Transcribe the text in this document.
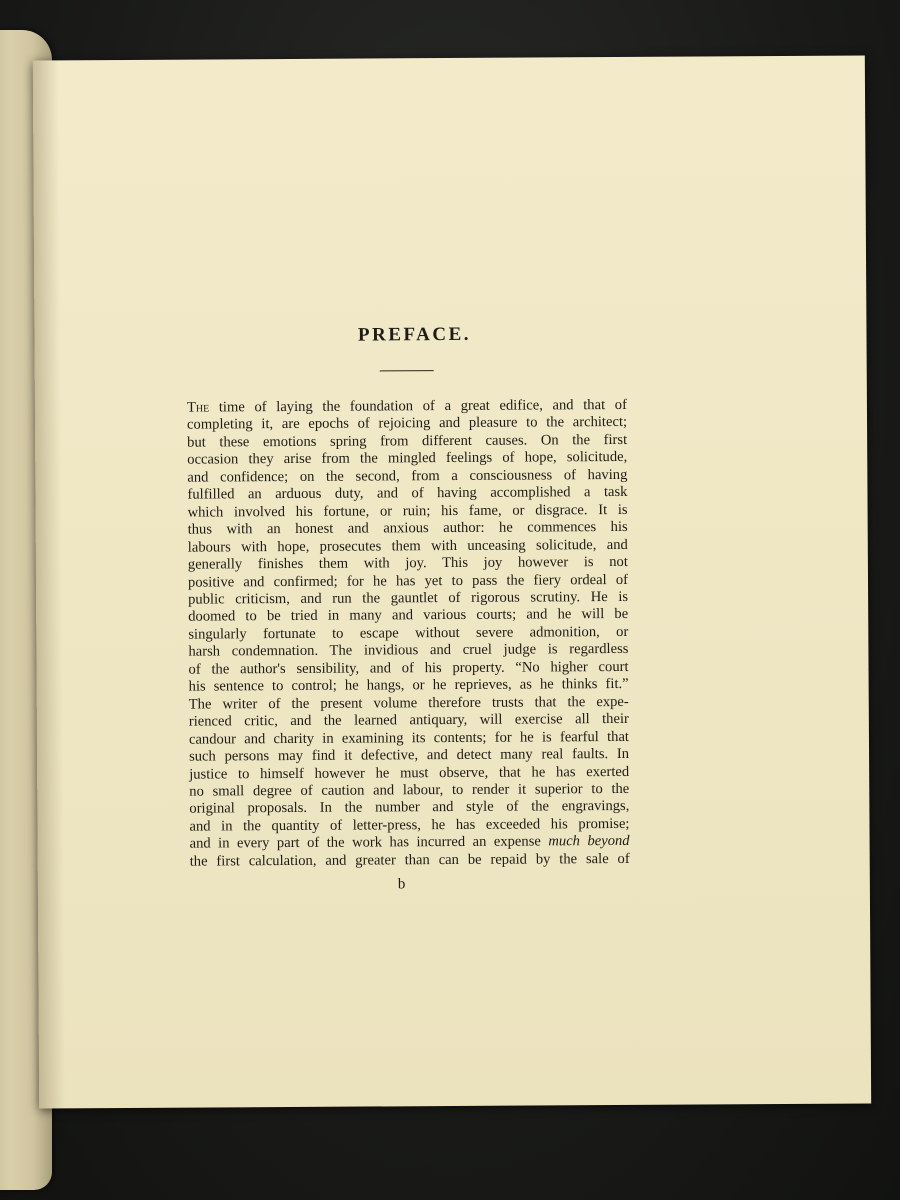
PREFACE.
The time of laying the foundation of a great edifice, and that of
completing it, are epochs of rejoicing and pleasure to the architect;
but these emotions spring from different causes. On the first
occasion they arise from the mingled feelings of hope, solicitude,
and confidence; on the second, from a consciousness of having
fulfilled an arduous duty, and of having accomplished a task
which involved his fortune, or ruin; his fame, or disgrace. It is
thus with an honest and anxious author: he commences his
labours with hope, prosecutes them with unceasing solicitude, and
generally finishes them with joy. This joy however is not
positive and confirmed; for he has yet to pass the fiery ordeal of
public criticism, and run the gauntlet of rigorous scrutiny. He is
doomed to be tried in many and various courts; and he will be
singularly fortunate to escape without severe admonition, or
harsh condemnation. The invidious and cruel judge is regardless
of the author's sensibility, and of his property. “No higher court
his sentence to control; he hangs, or he reprieves, as he thinks fit.”
The writer of the present volume therefore trusts that the expe-
rienced critic, and the learned antiquary, will exercise all their
candour and charity in examining its contents; for he is fearful that
such persons may find it defective, and detect many real faults. In
justice to himself however he must observe, that he has exerted
no small degree of caution and labour, to render it superior to the
original proposals. In the number and style of the engravings,
and in the quantity of letter-press, he has exceeded his promise;
and in every part of the work has incurred an expense much beyond
the first calculation, and greater than can be repaid by the sale of
b
